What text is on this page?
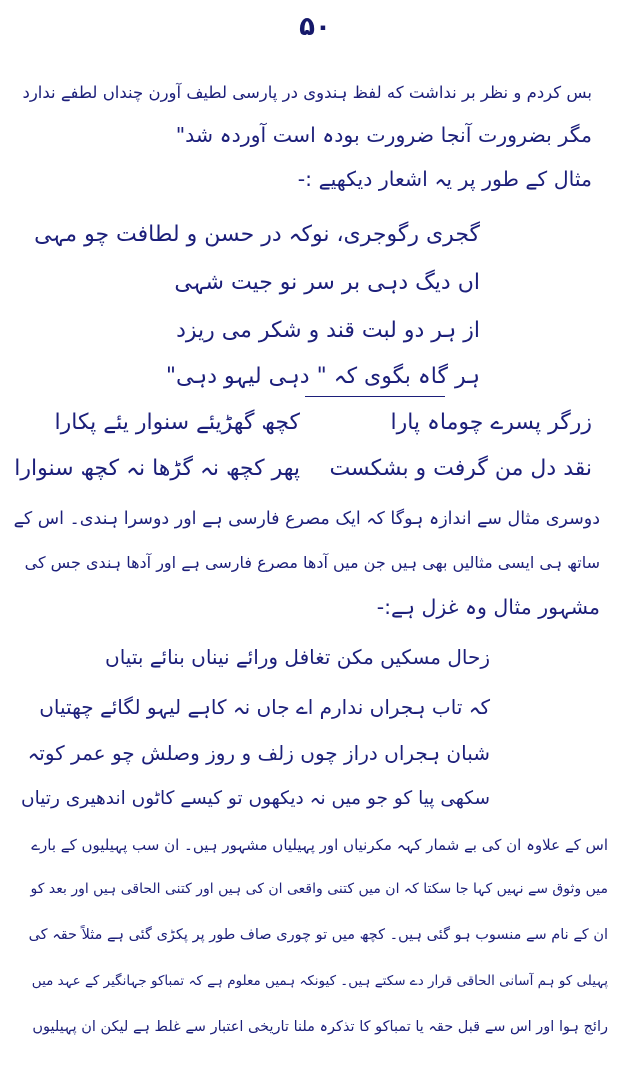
۵۰
بس کردم و نظر بر نداشت که لفظ ہندوی در پارسی لطیف آورن چنداں لطفے ندارد
مگر بضرورت آنجا ضرورت بودہ است آوردہ شد"
مثال کے طور پر یہ اشعار دیکھیے :-
گجری رگوجری، نوکہ در حسن و لطافت چو مہی
اں دیگ دہی بر سر نو جیت شہی
از ہر دو لبت قند و شکر می ریزد
ہر گاہ بگوی کہ " دہی لیہو دہی"
زرگر پسرے چوماہ پارا
کچھ گھڑیئے سنوار یئے پکارا
نقد دل من گرفت و بشکست
پھر کچھ نہ گڑھا نہ کچھ سنوارا
دوسری مثال سے اندازہ ہوگا کہ ایک مصرع فارسی ہے اور دوسرا ہندی۔ اس کے
ساتھ ہی ایسی مثالیں بھی ہیں جن میں آدھا مصرع فارسی ہے اور آدھا ہندی جس کی
مشہور مثال وہ غزل ہے:-
زحال مسکیں مکن تغافل ورائے نیناں بنائے بتیاں
کہ تاب ہجراں ندارم اے جاں نہ کاہے لیہو لگائے چھتیاں
شبان ہجراں دراز چوں زلف و روز وصلش چو عمر کوتہ
سکھی پیا کو جو میں نہ دیکھوں تو کیسے کاٹوں اندھیری رتیاں
اس کے علاوہ ان کی بے شمار کہہ مکرنیاں اور پہیلیاں مشہور ہیں۔ ان سب پہیلیوں کے بارے
میں وثوق سے نہیں کہا جا سکتا کہ ان میں کتنی واقعی ان کی ہیں اور کتنی الحاقی ہیں اور بعد کو
ان کے نام سے منسوب ہو گئی ہیں۔ کچھ میں تو چوری صاف طور پر پکڑی گئی ہے مثلاً حقہ کی
پہیلی کو ہم آسانی الحاقی قرار دے سکتے ہیں۔ کیونکہ ہمیں معلوم ہے کہ تمباکو جہانگیر کے عہد میں
رائج ہوا اور اس سے قبل حقہ یا تمباکو کا تذکرہ ملنا تاریخی اعتبار سے غلط ہے لیکن ان پہیلیوں
